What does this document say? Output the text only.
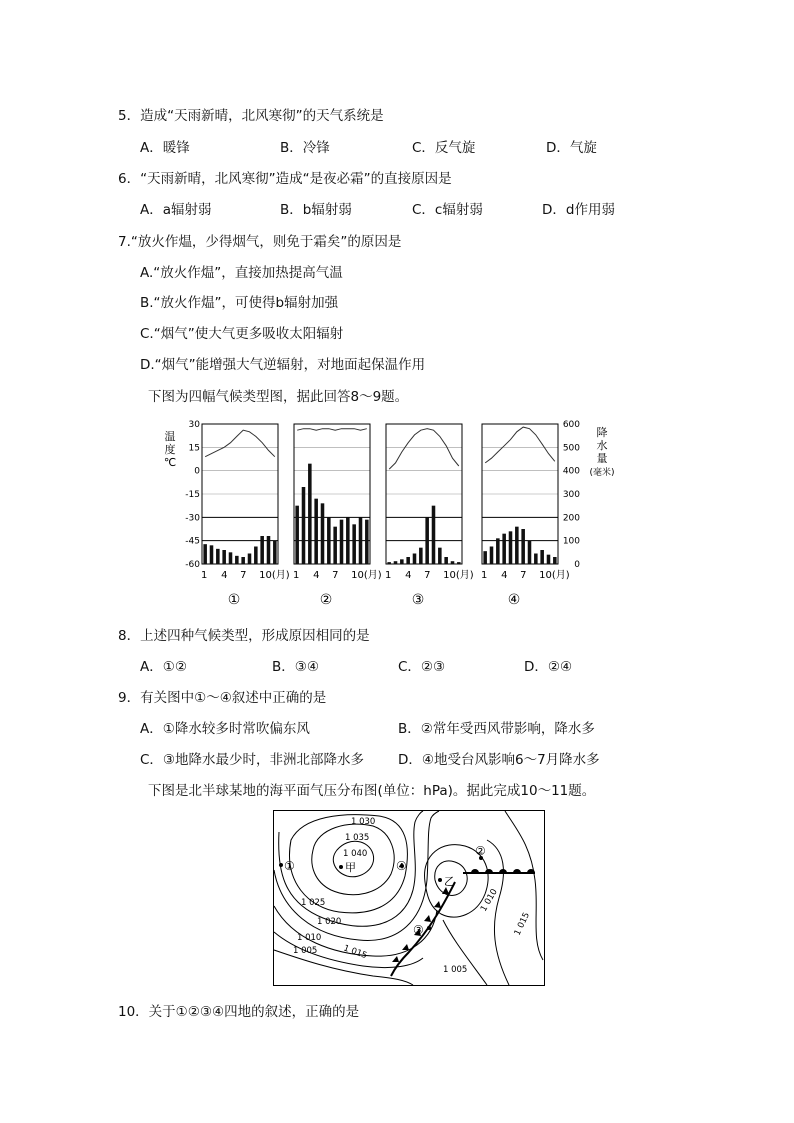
5．造成“天雨新晴，北风寒彻”的天气系统是
A．暖锋	B．冷锋	C．反气旋	D．气旋
6．“天雨新晴，北风寒彻”造成“是夜必霜”的直接原因是
A．a辐射弱	B．b辐射弱	C．c辐射弱	D．d作用弱
7.“放火作煴，少得烟气，则免于霜矣”的原因是
A.“放火作煴”，直接加热提高气温
B.“放火作煴”，可使得b辐射加强
C.“烟气”使大气更多吸收太阳辐射
D.“烟气”能增强大气逆辐射，对地面起保温作用
下图为四幅气候类型图，据此回答8～9题。
30
15
0
-15
-30
-45
-60
温
度
℃
600
500
400
300
200
100
0
降
水
量
(毫米)
1 4 7 10(月)
①
1 4 7 10(月)
②
1 4 7 10(月)
③
1 4 7 10(月)
④
8．上述四种气候类型，形成原因相同的是
A．①②	B．③④	C．②③	D．②④
9．有关图中①～④叙述中正确的是
A．①降水较多时常吹偏东风	B．②常年受西风带影响，降水多
C．③地降水最少时，非洲北部降水多	D．④地受台风影响6～7月降水多
下图是北半球某地的海平面气压分布图(单位：hPa)。据此完成10～11题。
1 030
1 035
1 040
1 025
1 020
1 010
1 005	1 015
1 010
1 015
1 005
甲
乙
①
②
③
④
10．关于①②③④四地的叙述，正确的是
